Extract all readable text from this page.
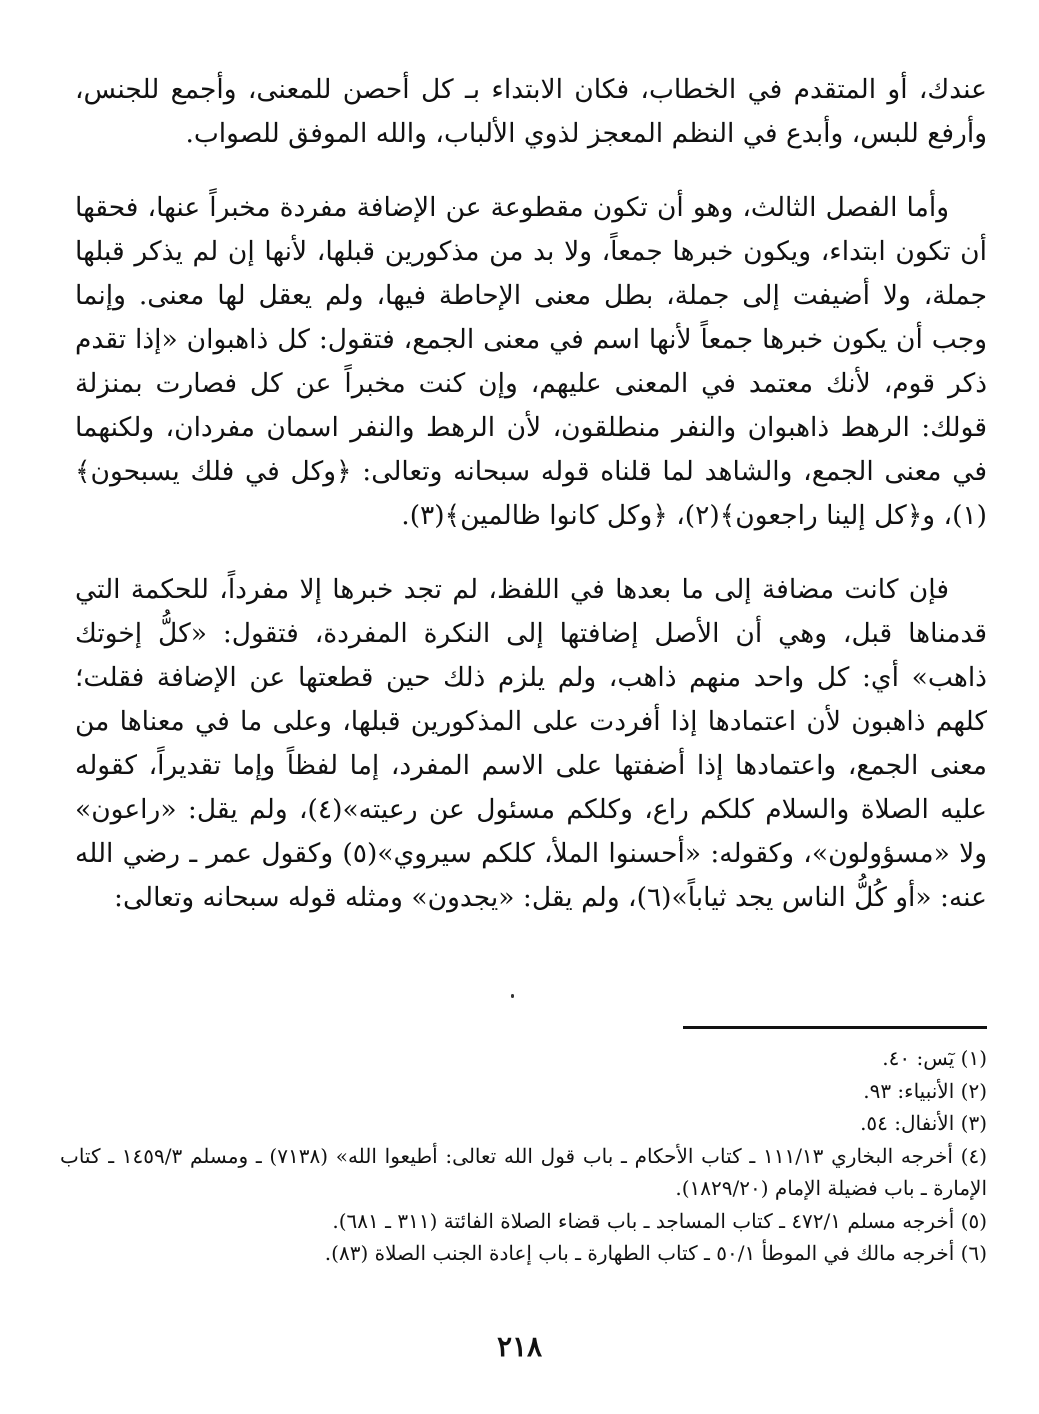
عندك، أو المتقدم في الخطاب، فكان الابتداء بـ كل أحصن للمعنى، وأجمع للجنس، وأرفع للبس، وأبدع في النظم المعجز لذوي الألباب، والله الموفق للصواب.

وأما الفصل الثالث، وهو أن تكون مقطوعة عن الإضافة مفردة مخبراً عنها، فحقها أن تكون ابتداء، ويكون خبرها جمعاً، ولا بد من مذكورين قبلها، لأنها إن لم يذكر قبلها جملة، ولا أضيفت إلى جملة، بطل معنى الإحاطة فيها، ولم يعقل لها معنى. وإنما وجب أن يكون خبرها جمعاً لأنها اسم في معنى الجمع، فتقول: كل ذاهبوان «إذا تقدم ذكر قوم، لأنك معتمد في المعنى عليهم، وإن كنت مخبراً عن كل فصارت بمنزلة قولك: الرهط ذاهبوان والنفر منطلقون، لأن الرهط والنفر اسمان مفردان، ولكنهما في معنى الجمع، والشاهد لما قلناه قوله سبحانه وتعالى: ﴿وكل في فلك يسبحون﴾(١)، و﴿كل إلينا راجعون﴾(٢)، ﴿وكل كانوا ظالمين﴾(٣).

فإن كانت مضافة إلى ما بعدها في اللفظ، لم تجد خبرها إلا مفرداً، للحكمة التي قدمناها قبل، وهي أن الأصل إضافتها إلى النكرة المفردة، فتقول: «كلُّ إخوتك ذاهب» أي: كل واحد منهم ذاهب، ولم يلزم ذلك حين قطعتها عن الإضافة فقلت؛ كلهم ذاهبون لأن اعتمادها إذا أفردت على المذكورين قبلها، وعلى ما في معناها من معنى الجمع، واعتمادها إذا أضفتها على الاسم المفرد، إما لفظاً وإما تقديراً، كقوله عليه الصلاة والسلام كلكم راع، وكلكم مسئول عن رعيته»(٤)، ولم يقل: «راعون» ولا «مسؤولون»، وكقوله: «أحسنوا الملأ، كلكم سيروي»(٥) وكقول عمر ـ رضي الله عنه: «أو كُلُّ الناس يجد ثياباً»(٦)، ولم يقل: «يجدون» ومثله قوله سبحانه وتعالى:

(١) يٓس: ٤٠.
(٢) الأنبياء: ٩٣.
(٣) الأنفال: ٥٤.
(٤) أخرجه البخاري ١١١/١٣ ـ كتاب الأحكام ـ باب قول الله تعالى: أطيعوا الله» (٧١٣٨) ـ ومسلم ١٤٥٩/٣ ـ كتاب الإمارة ـ باب فضيلة الإمام (١٨٢٩/٢٠).
(٥) أخرجه مسلم ٤٧٢/١ ـ كتاب المساجد ـ باب قضاء الصلاة الفائتة (٣١١ ـ ٦٨١).
(٦) أخرجه مالك في الموطأ ٥٠/١ ـ كتاب الطهارة ـ باب إعادة الجنب الصلاة (٨٣).
٢١٨
